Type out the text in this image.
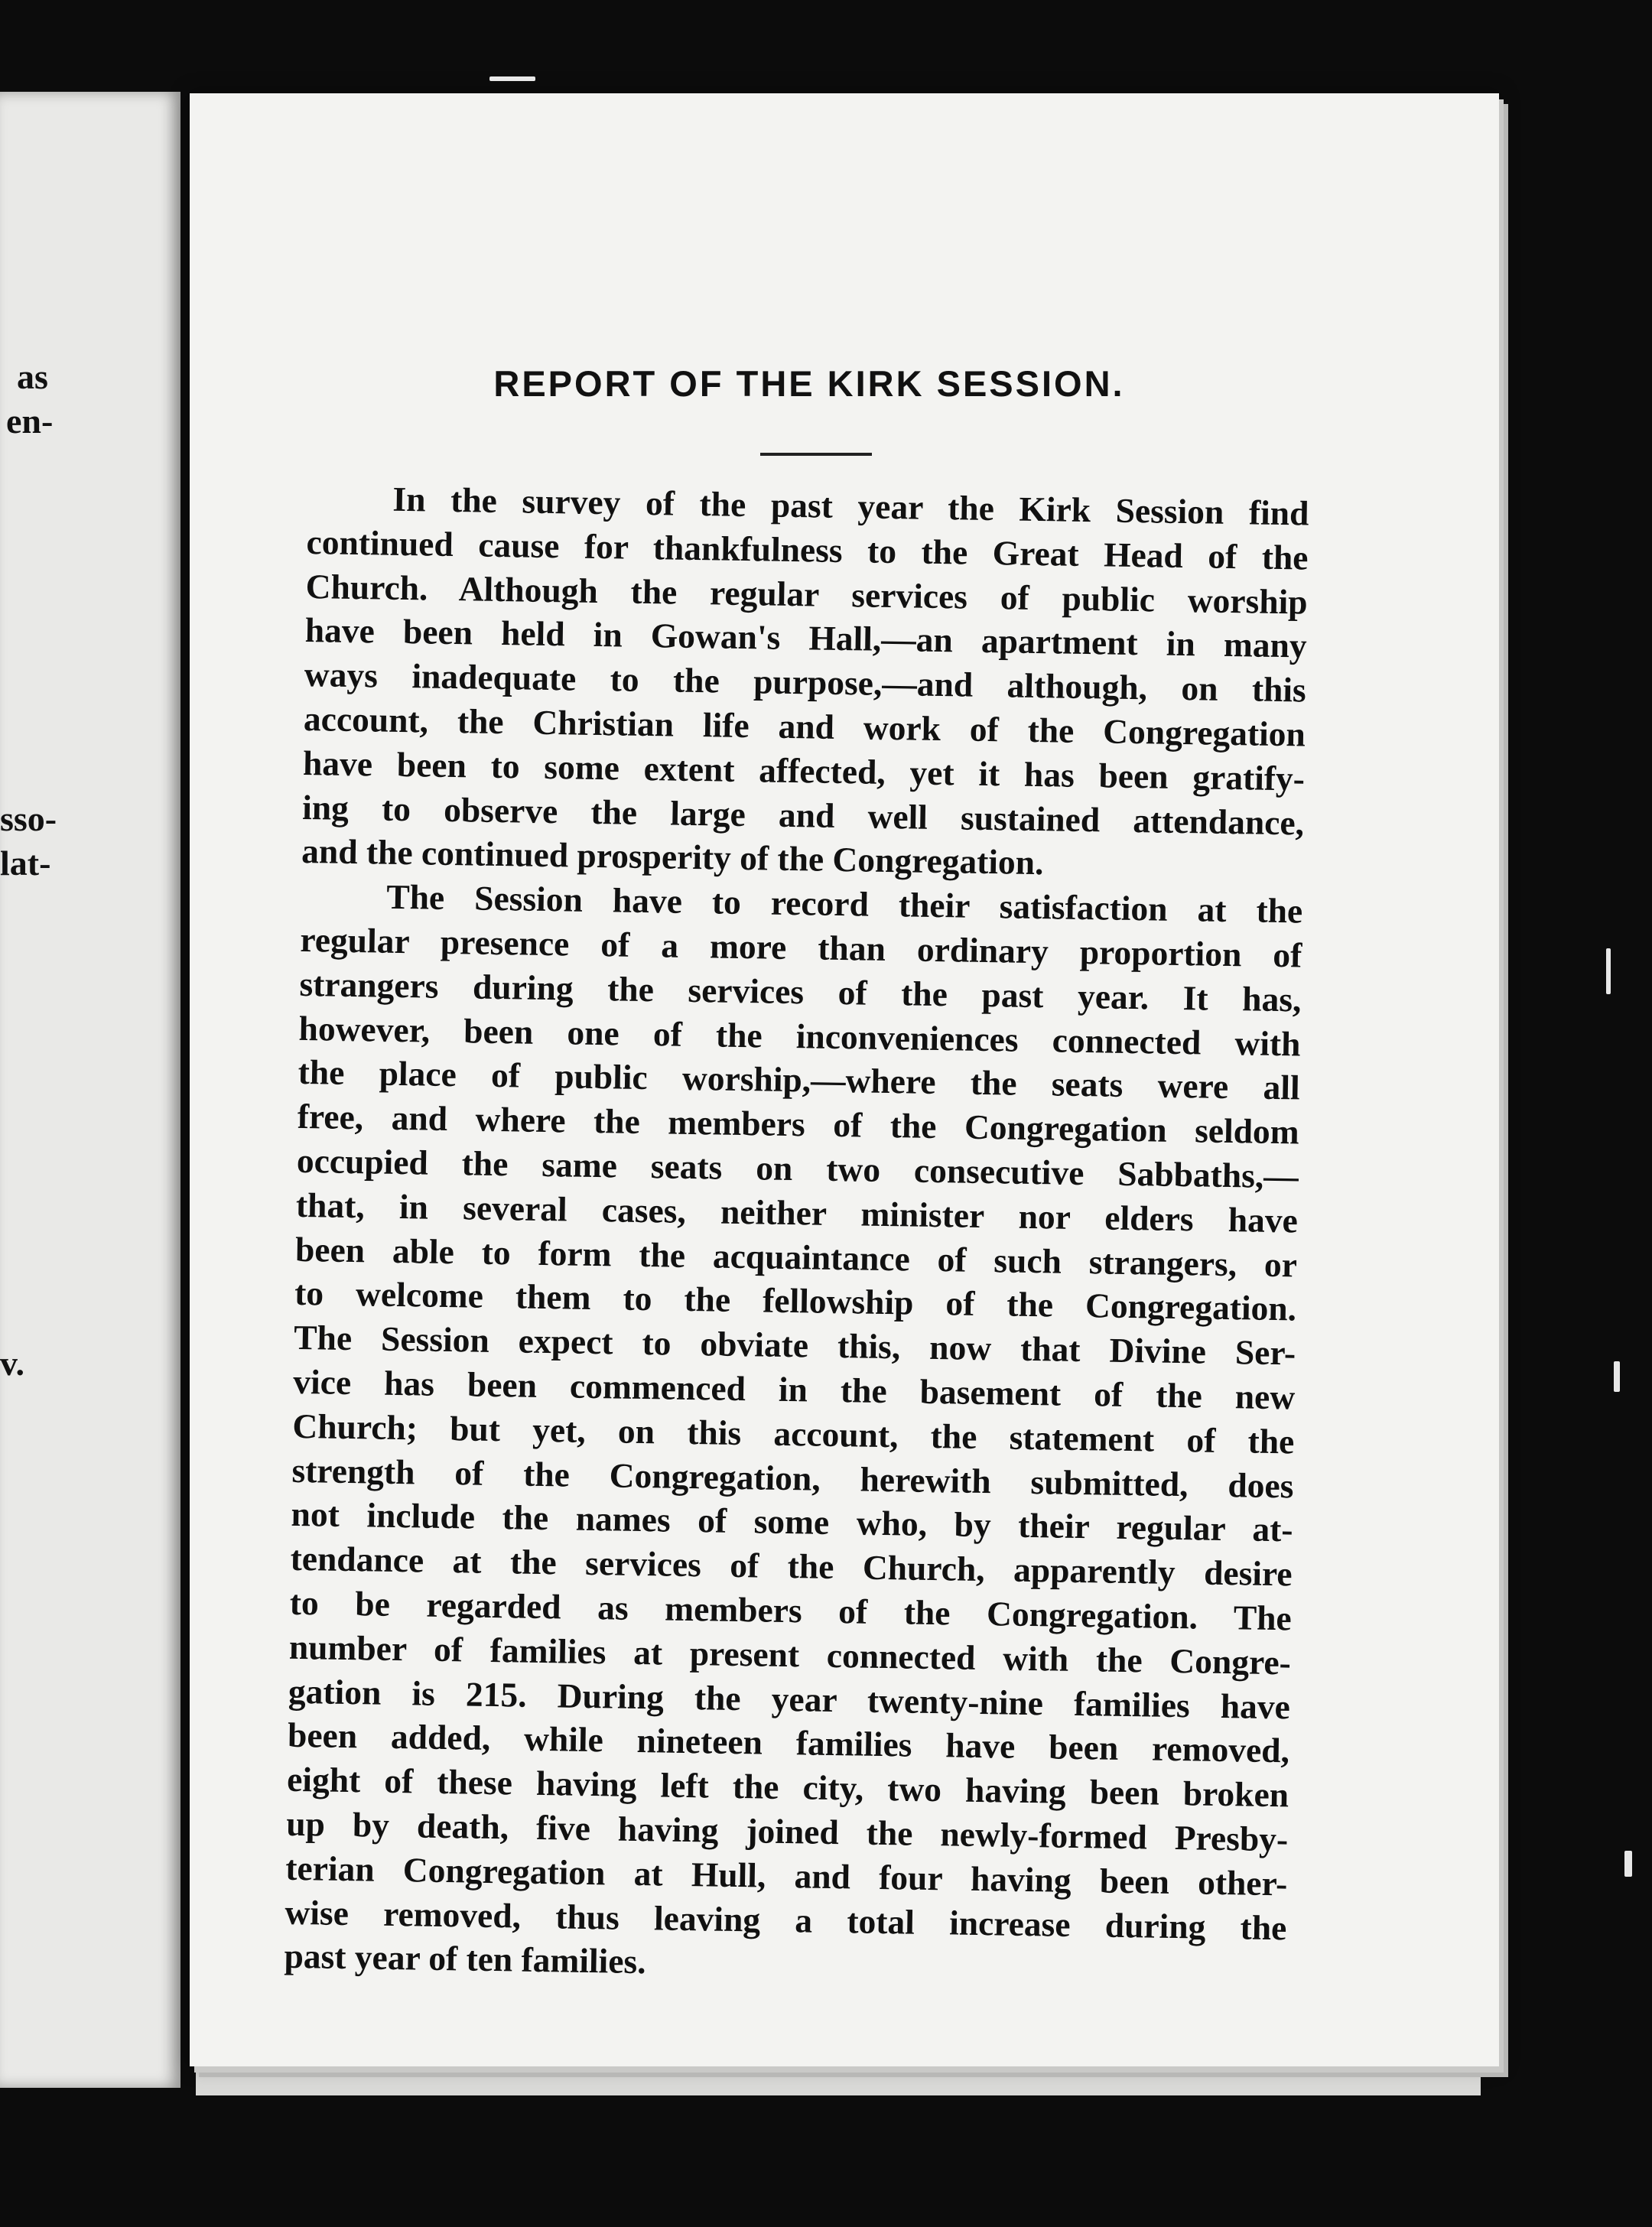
as
en-
sso-
lat-
v.
REPORT OF THE KIRK SESSION.

In the survey of the past year the Kirk Session find
continued cause for thankfulness to the Great Head of the
Church. Although the regular services of public worship
have been held in Gowan's Hall,—an apartment in many
ways inadequate to the purpose,—and although, on this
account, the Christian life and work of the Congregation
have been to some extent affected, yet it has been gratify-
ing to observe the large and well sustained attendance,
and the continued prosperity of the Congregation.

The Session have to record their satisfaction at the
regular presence of a more than ordinary proportion of
strangers during the services of the past year. It has,
however, been one of the inconveniences connected with
the place of public worship,—where the seats were all
free, and where the members of the Congregation seldom
occupied the same seats on two consecutive Sabbaths,—
that, in several cases, neither minister nor elders have
been able to form the acquaintance of such strangers, or
to welcome them to the fellowship of the Congregation.
The Session expect to obviate this, now that Divine Ser-
vice has been commenced in the basement of the new
Church; but yet, on this account, the statement of the
strength of the Congregation, herewith submitted, does
not include the names of some who, by their regular at-
tendance at the services of the Church, apparently desire
to be regarded as members of the Congregation. The
number of families at present connected with the Congre-
gation is 215. During the year twenty-nine families have
been added, while nineteen families have been removed,
eight of these having left the city, two having been broken
up by death, five having joined the newly-formed Presby-
terian Congregation at Hull, and four having been other-
wise removed, thus leaving a total increase during the
past year of ten families.
